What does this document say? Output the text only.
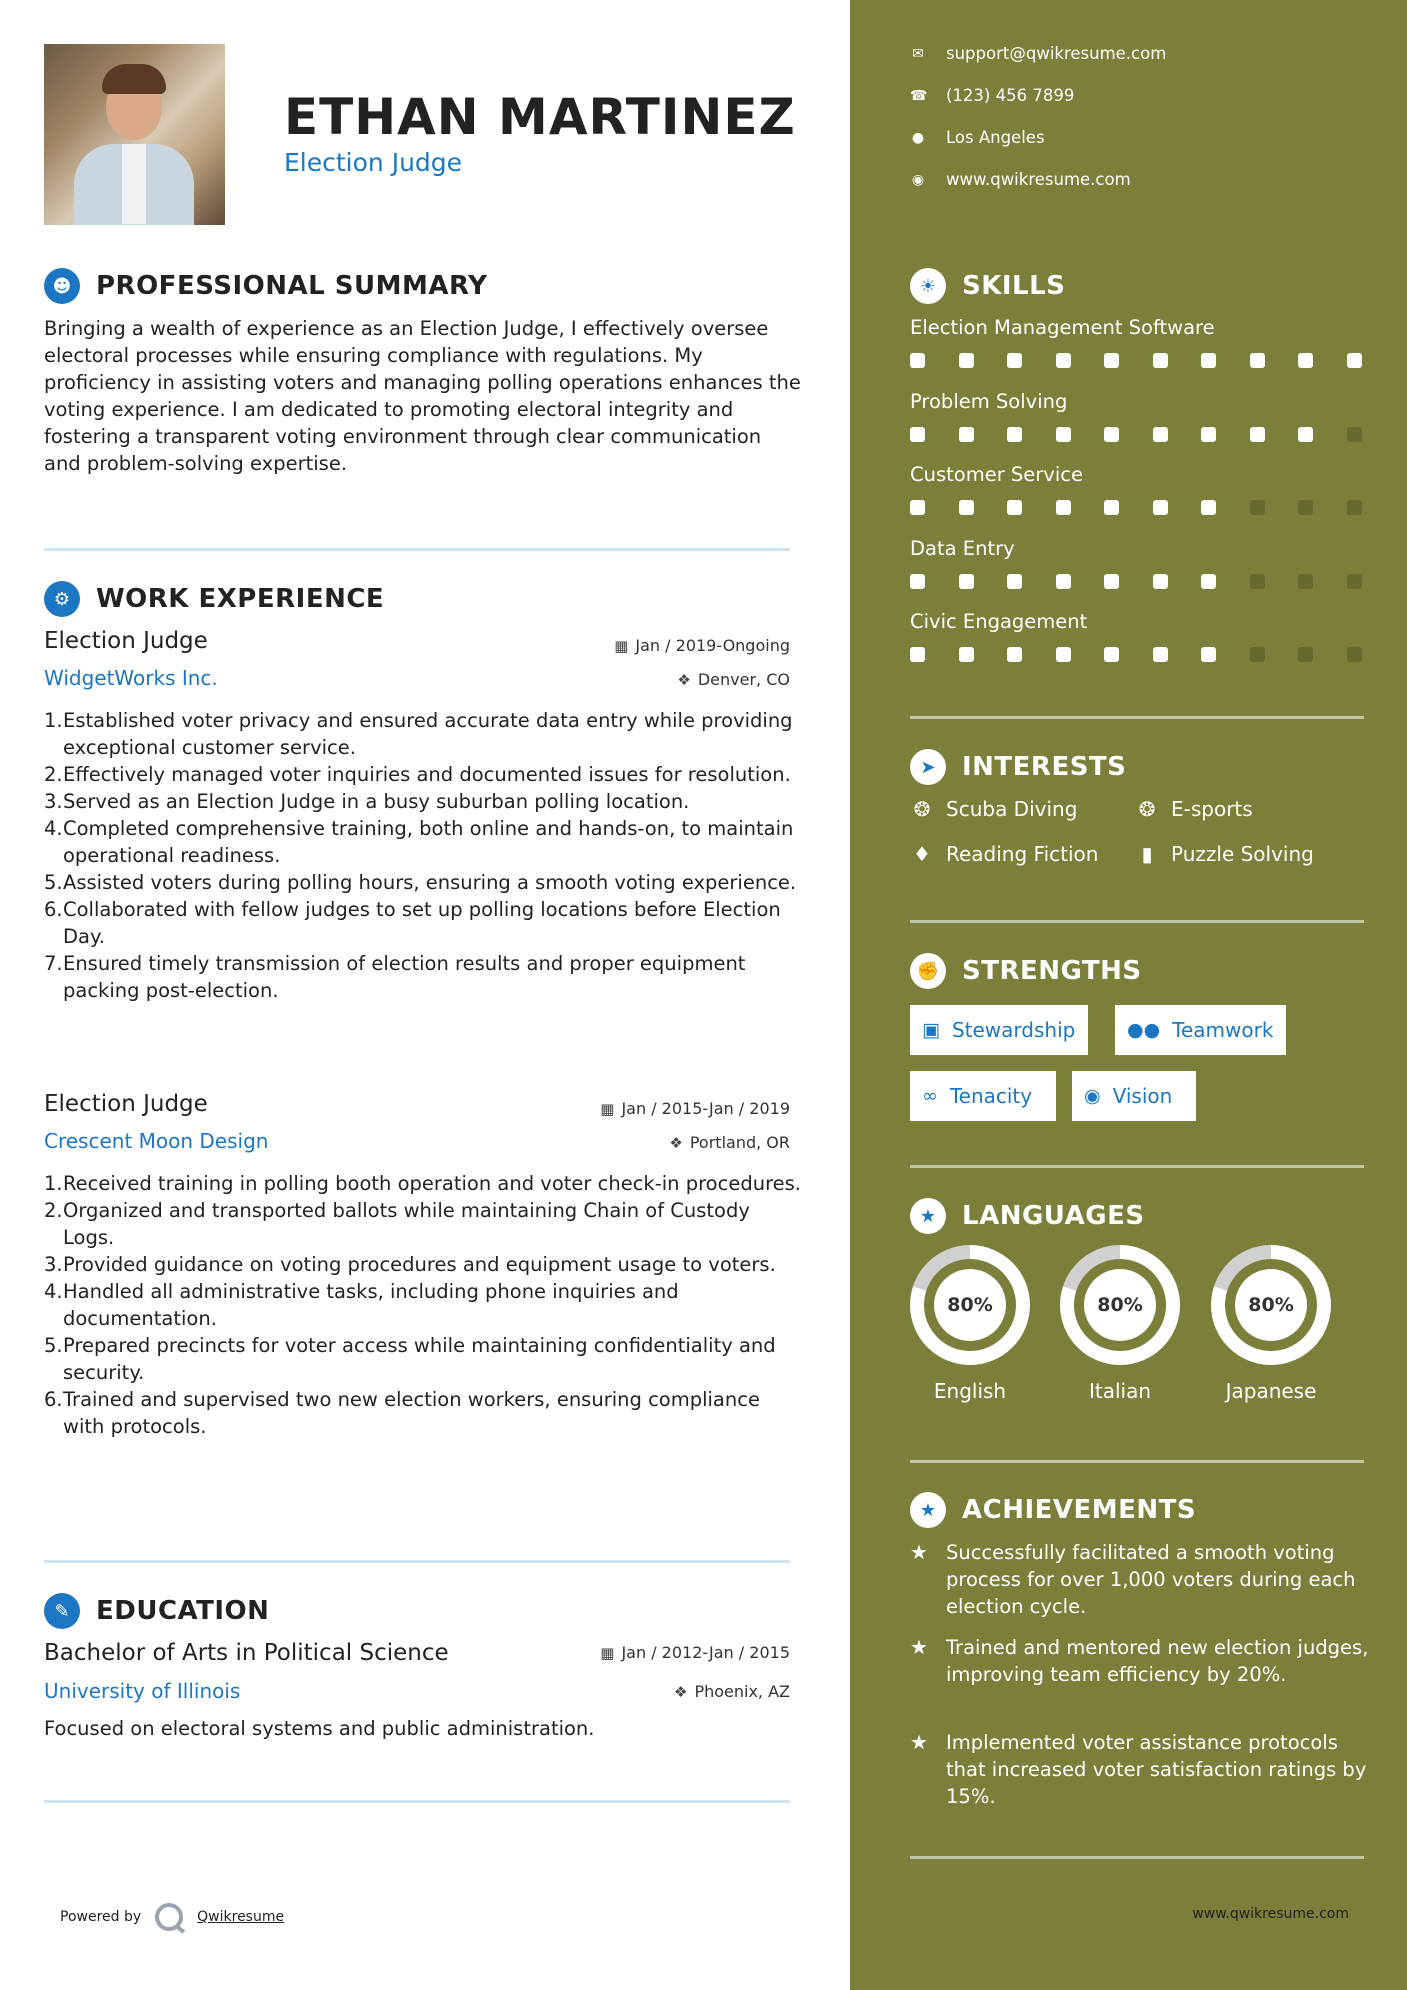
ETHAN MARTINEZ
Election Judge
☻ PROFESSIONAL SUMMARY
Bringing a wealth of experience as an Election Judge, I effectively oversee electoral processes while ensuring compliance with regulations. My proficiency in assisting voters and managing polling operations enhances the voting experience. I am dedicated to promoting electoral integrity and fostering a transparent voting environment through clear communication and problem-solving expertise.
⚙ WORK EXPERIENCE
Election Judge	▦ Jan / 2019-Ongoing
WidgetWorks Inc.	❖ Denver, CO
1. Established voter privacy and ensured accurate data entry while providing exceptional customer service.
2. Effectively managed voter inquiries and documented issues for resolution.
3. Served as an Election Judge in a busy suburban polling location.
4. Completed comprehensive training, both online and hands-on, to maintain operational readiness.
5. Assisted voters during polling hours, ensuring a smooth voting experience.
6. Collaborated with fellow judges to set up polling locations before Election Day.
7. Ensured timely transmission of election results and proper equipment packing post-election.
Election Judge	▦ Jan / 2015-Jan / 2019
Crescent Moon Design	❖ Portland, OR
1. Received training in polling booth operation and voter check-in procedures.
2. Organized and transported ballots while maintaining Chain of Custody Logs.
3. Provided guidance on voting procedures and equipment usage to voters.
4. Handled all administrative tasks, including phone inquiries and documentation.
5. Prepared precincts for voter access while maintaining confidentiality and security.
6. Trained and supervised two new election workers, ensuring compliance with protocols.
✎	EDUCATION
Bachelor of Arts in Political Science	▦ Jan / 2012-Jan / 2015
University of Illinois	❖ Phoenix, AZ
Focused on electoral systems and public administration.
Powered by	Qwikresume
✉ support@qwikresume.com
☎ (123) 456 7899
● Los Angeles
◉ www.qwikresume.com
☀ SKILLS
Election Management Software
Problem Solving
Customer Service
Data Entry
Civic Engagement
➤	INTERESTS
❂ Scuba Diving	❂ E-sports
♦ Reading Fiction	▮ Puzzle Solving
✊ STRENGTHS
▣ Stewardship	●● Teamwork
∞ Tenacity	◉ Vision
★ LANGUAGES
80%
English
80%
Italian
80%
Japanese
★ ACHIEVEMENTS
★ Successfully facilitated a smooth voting process for over 1,000 voters during each election cycle.
★ Trained and mentored new election judges, improving team efficiency by 20%.
★ Implemented voter assistance protocols that increased voter satisfaction ratings by 15%.
www.qwikresume.com
